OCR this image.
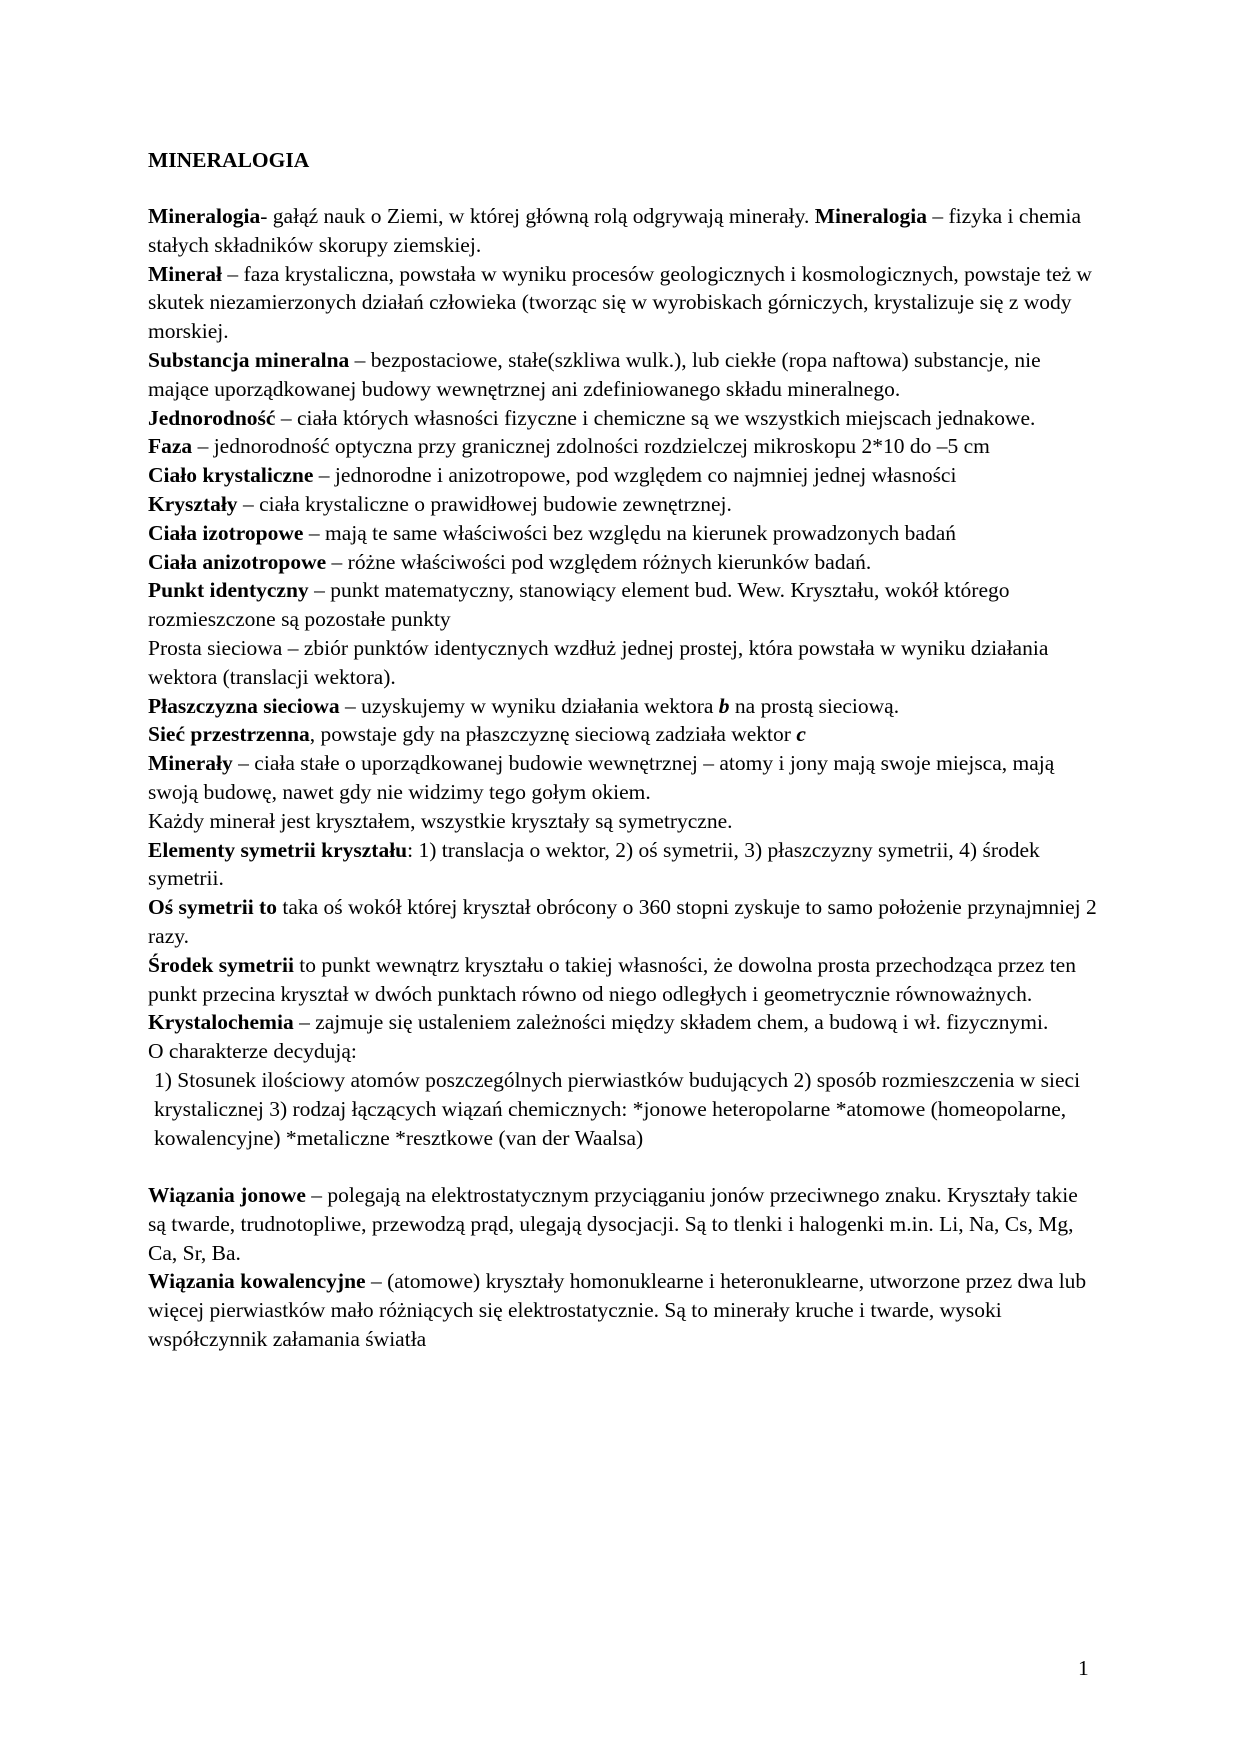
MINERALOGIA

Mineralogia- gałąź nauk o Ziemi, w której główną rolą odgrywają minerały. Mineralogia – fizyka i chemia stałych składników skorupy ziemskiej.

Minerał – faza krystaliczna, powstała w wyniku procesów geologicznych i kosmologicznych, powstaje też w skutek niezamierzonych działań człowieka (tworząc się w wyrobiskach górniczych, krystalizuje się z wody morskiej.

Substancja mineralna – bezpostaciowe, stałe(szkliwa wulk.), lub ciekłe (ropa naftowa) substancje, nie mające uporządkowanej budowy wewnętrznej ani zdefiniowanego składu mineralnego.

Jednorodność – ciała których własności fizyczne i chemiczne są we wszystkich miejscach jednakowe.

Faza – jednorodność optyczna przy granicznej zdolności rozdzielczej mikroskopu 2*10 do –5 cm

Ciało krystaliczne – jednorodne i anizotropowe, pod względem co najmniej jednej własności

Kryształy – ciała krystaliczne o prawidłowej budowie zewnętrznej.

Ciała izotropowe – mają te same właściwości bez względu na kierunek prowadzonych badań

Ciała anizotropowe – różne właściwości pod względem różnych kierunków badań.

Punkt identyczny – punkt matematyczny, stanowiący element bud. Wew. Kryształu, wokół którego rozmieszczone są pozostałe punkty

Prosta sieciowa – zbiór punktów identycznych wzdłuż jednej prostej, która powstała w wyniku działania wektora (translacji wektora).

Płaszczyzna sieciowa – uzyskujemy w wyniku działania wektora b na prostą sieciową.

Sieć przestrzenna, powstaje gdy na płaszczyznę sieciową zadziała wektor c

Minerały – ciała stałe o uporządkowanej budowie wewnętrznej – atomy i jony mają swoje miejsca, mają swoją budowę, nawet gdy nie widzimy tego gołym okiem.

Każdy minerał jest kryształem, wszystkie kryształy są symetryczne.

Elementy symetrii kryształu: 1) translacja o wektor, 2) oś symetrii, 3) płaszczyzny symetrii, 4) środek symetrii.

Oś symetrii to taka oś wokół której kryształ obrócony o 360 stopni zyskuje to samo położenie przynajmniej 2 razy.

Środek symetrii to punkt wewnątrz kryształu o takiej własności, że dowolna prosta przechodząca przez ten punkt przecina kryształ w dwóch punktach równo od niego odległych i geometrycznie równoważnych.

Krystalochemia – zajmuje się ustaleniem zależności między składem chem, a budową i wł. fizycznymi.

O charakterze decydują:

1) Stosunek ilościowy atomów poszczególnych pierwiastków budujących 2) sposób rozmieszczenia w sieci krystalicznej 3) rodzaj łączących wiązań chemicznych: *jonowe heteropolarne *atomowe (homeopolarne, kowalencyjne) *metaliczne *resztkowe (van der Waalsa)

Wiązania jonowe – polegają na elektrostatycznym przyciąganiu jonów przeciwnego znaku. Kryształy takie są twarde, trudnotopliwe, przewodzą prąd, ulegają dysocjacji. Są to tlenki i halogenki m.in. Li, Na, Cs, Mg, Ca, Sr, Ba.

Wiązania kowalencyjne – (atomowe) kryształy homonuklearne i heteronuklearne, utworzone przez dwa lub więcej pierwiastków mało różniących się elektrostatycznie. Są to minerały kruche i twarde, wysoki współczynnik załamania światła

1
